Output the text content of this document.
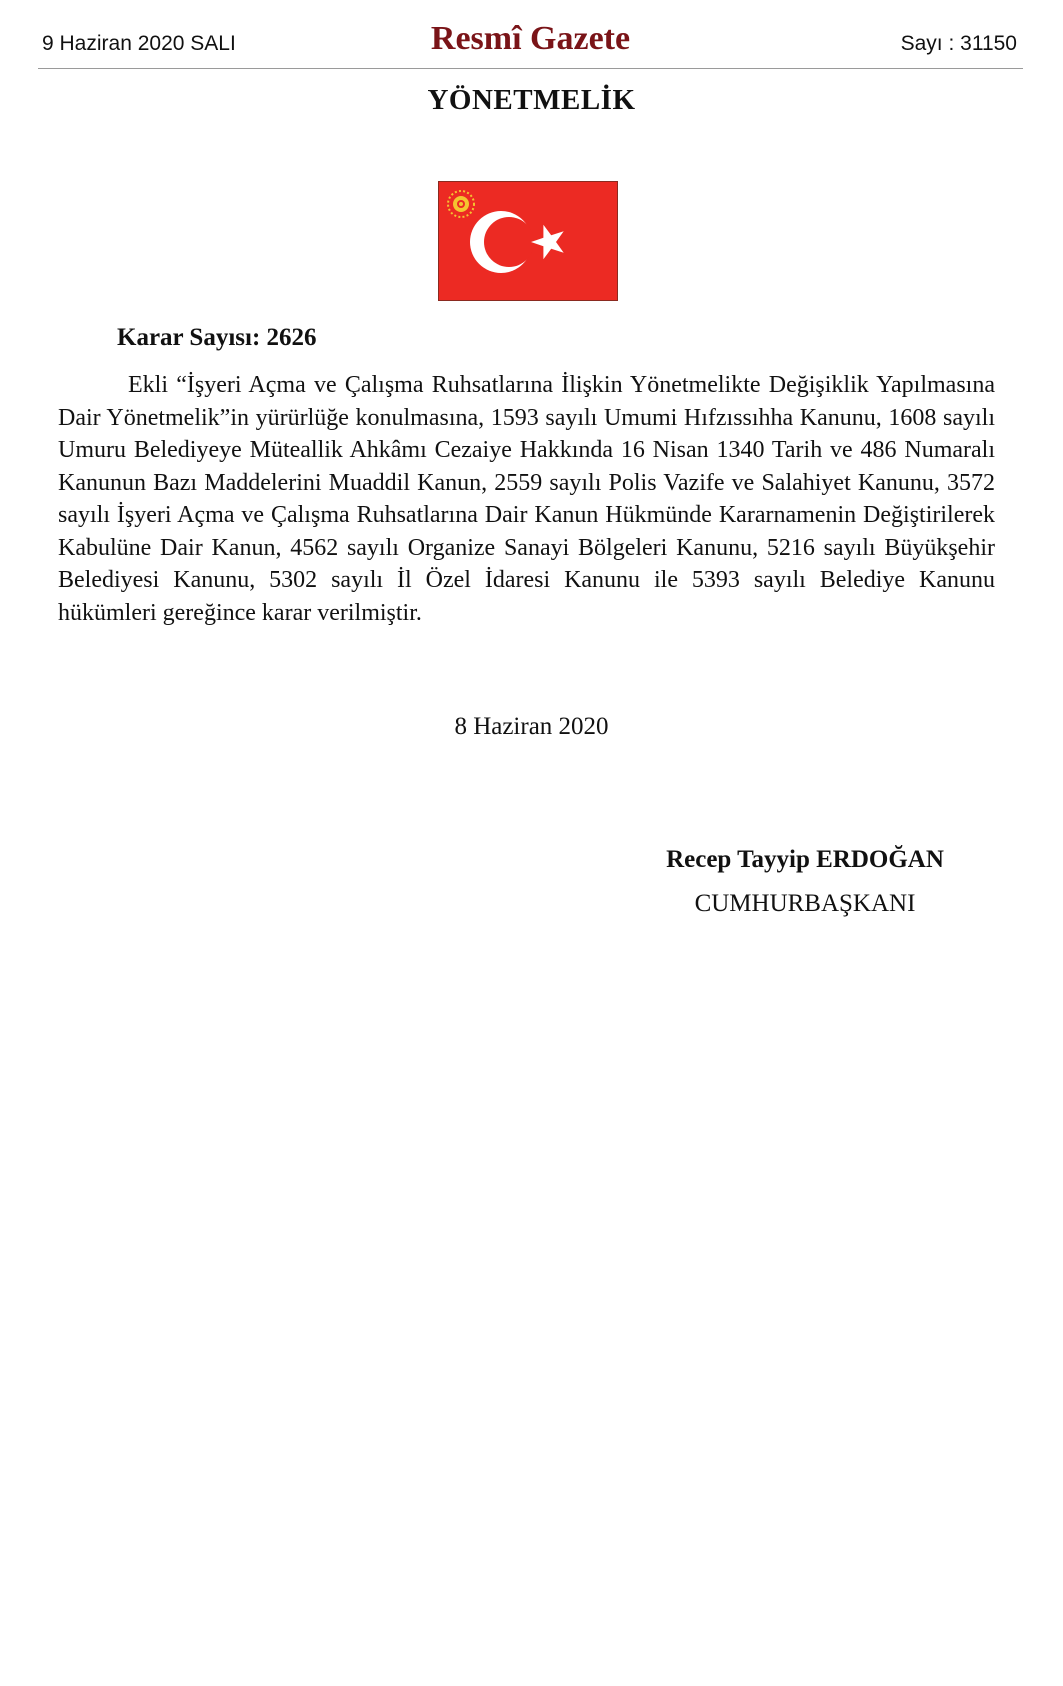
9 Haziran 2020 SALI	Resmî Gazete	Sayı : 31150
YÖNETMELİK
Karar Sayısı: 2626

Ekli “İşyeri Açma ve Çalışma Ruhsatlarına İlişkin Yönetmelikte Değişiklik Yapılmasına Dair Yönetmelik”in yürürlüğe konulmasına, 1593 sayılı Umumi Hıfzıssıhha Kanunu, 1608 sayılı Umuru Belediyeye Müteallik Ahkâmı Cezaiye Hakkında 16 Nisan 1340 Tarih ve 486 Numaralı Kanunun Bazı Maddelerini Muaddil Kanun, 2559 sayılı Polis Vazife ve Salahiyet Kanunu, 3572 sayılı İşyeri Açma ve Çalışma Ruhsatlarına Dair Kanun Hükmünde Kararnamenin Değiştirilerek Kabulüne Dair Kanun, 4562 sayılı Organize Sanayi Bölgeleri Kanunu, 5216 sayılı Büyükşehir Belediyesi Kanunu, 5302 sayılı İl Özel İdaresi Kanunu ile 5393 sayılı Belediye Kanunu hükümleri gereğince karar verilmiştir.

8 Haziran 2020
Recep Tayyip ERDOĞAN
CUMHURBAŞKANI
